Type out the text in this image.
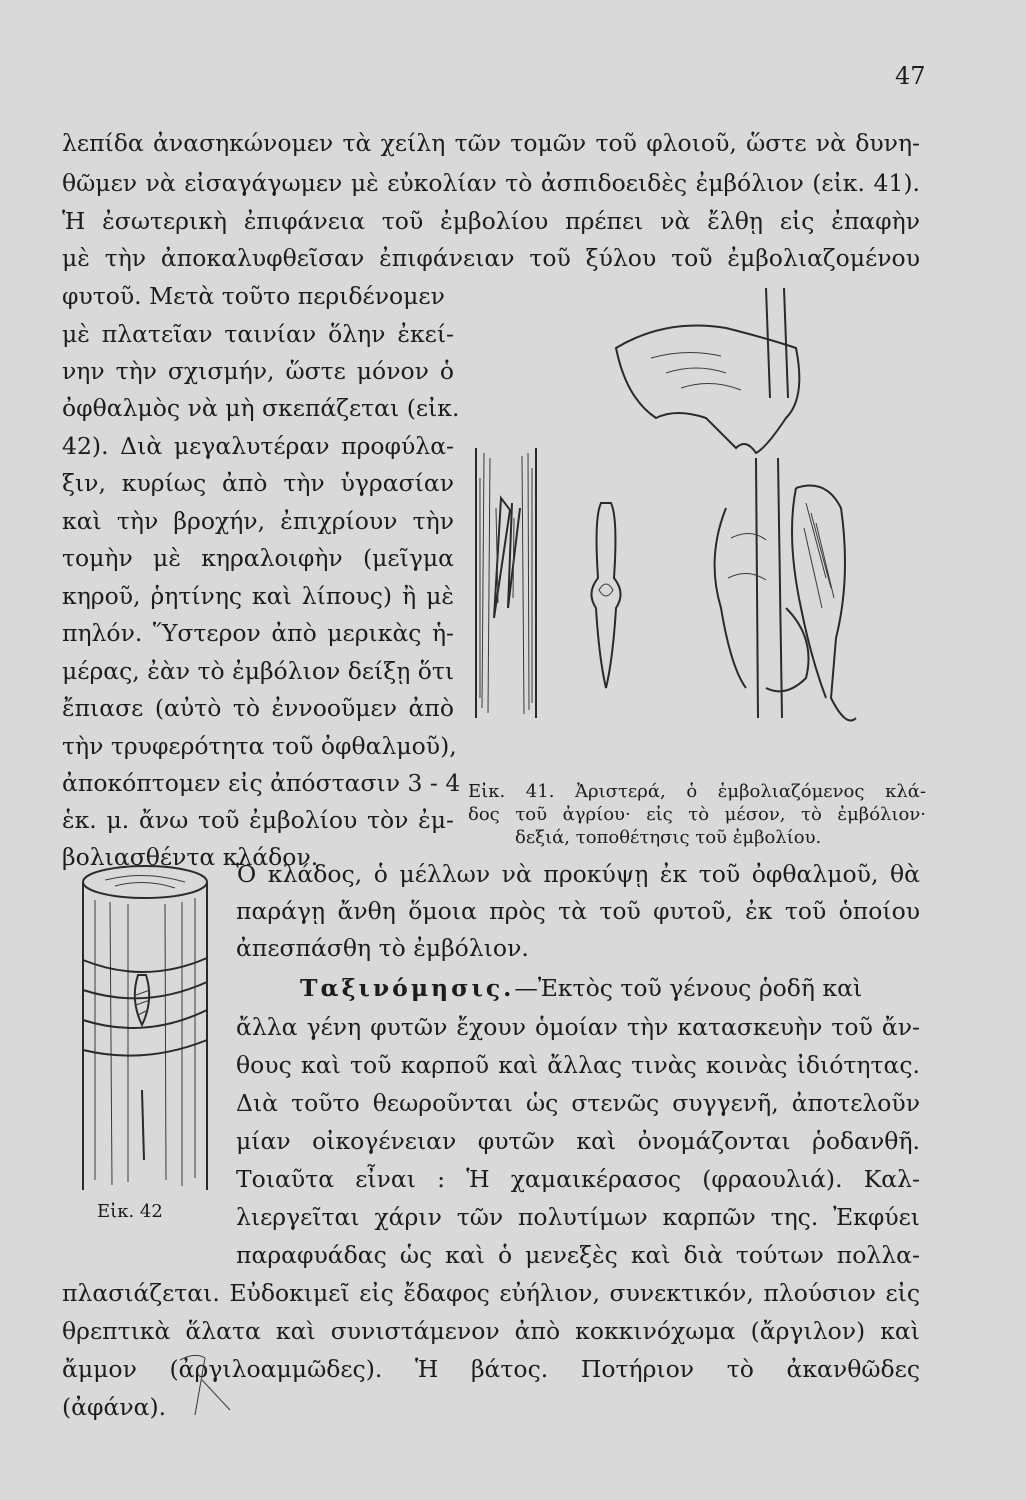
47
λεπίδα ἀνασηκώνομεν τὰ χείλη τῶν τομῶν τοῦ φλοιοῦ, ὥστε νὰ δυνη-
θῶμεν νὰ εἰσαγάγωμεν μὲ εὐκολίαν τὸ ἀσπιδοειδὲς ἐμβόλιον (εἰκ. 41).
Ἡ ἐσωτερικὴ ἐπιφάνεια τοῦ ἐμβολίου πρέπει νὰ ἔλθῃ εἰς ἐπαφὴν
μὲ τὴν ἀποκαλυφθεῖσαν ἐπιφάνειαν τοῦ ξύλου τοῦ ἐμβολιαζομένου
φυτοῦ. Μετὰ τοῦτο περιδένομεν
μὲ πλατεῖαν ταινίαν ὅλην ἐκεί-
νην τὴν σχισμήν, ὥστε μόνον ὁ
ὀφθαλμὸς νὰ μὴ σκεπάζεται (εἰκ.
42). Διὰ μεγαλυτέραν προφύλα-
ξιν, κυρίως ἀπὸ τὴν ὑγρασίαν
καὶ τὴν βροχήν, ἐπιχρίουν τὴν
τομὴν μὲ κηραλοιφὴν (μεῖγμα
κηροῦ, ῥητίνης καὶ λίπους) ἢ μὲ
πηλόν. Ὕστερον ἀπὸ μερικὰς ἡ-
μέρας, ἐὰν τὸ ἐμβόλιον δείξῃ ὅτι
ἔπιασε (αὐτὸ τὸ ἐννοοῦμεν ἀπὸ
τὴν τρυφερότητα τοῦ ὀφθαλμοῦ),
ἀποκόπτομεν εἰς ἀπόστασιν 3 - 4
ἑκ. μ. ἄνω τοῦ ἐμβολίου τὸν ἐμ-
βολιασθέντα κλάδον.
Εἰκ. 41. Ἀριστερά, ὁ ἐμβολιαζόμενος κλά-
δος τοῦ ἀγρίου· εἰς τὸ μέσον, τὸ ἐμβόλιον·
δεξιά, τοποθέτησις τοῦ ἐμβολίου.
Ὁ κλάδος, ὁ μέλλων νὰ προκύψῃ ἐκ τοῦ ὀφθαλμοῦ, θὰ
παράγῃ ἄνθη ὅμοια πρὸς τὰ τοῦ φυτοῦ, ἐκ τοῦ ὁποίου
ἀπεσπάσθη τὸ ἐμβόλιον.
Ταξινόμησις.—Ἐκτὸς τοῦ γένους ῥοδῆ καὶ
ἄλλα γένη φυτῶν ἔχουν ὁμοίαν τὴν κατασκευὴν τοῦ ἄν-
θους καὶ τοῦ καρποῦ καὶ ἄλλας τινὰς κοινὰς ἰδιότητας.
Διὰ τοῦτο θεωροῦνται ὡς στενῶς συγγενῆ, ἀποτελοῦν
μίαν οἰκογένειαν φυτῶν καὶ ὀνομάζονται ῥοδανθῆ.
Τοιαῦτα εἶναι : Ἡ χαμαικέρασος (φραουλιά). Καλ-
λιεργεῖται χάριν τῶν πολυτίμων καρπῶν της. Ἐκφύει
παραφυάδας ὡς καὶ ὁ μενεξὲς καὶ διὰ τούτων πολλα-
Εἰκ. 42
πλασιάζεται. Εὐδοκιμεῖ εἰς ἔδαφος εὐήλιον, συνεκτικόν, πλούσιον εἰς
θρεπτικὰ ἅλατα καὶ συνιστάμενον ἀπὸ κοκκινόχωμα (ἄργιλον) καὶ
ἄμμον (ἀργιλοαμμῶδες). Ἡ βάτος. Ποτήριον τὸ ἀκανθῶδες
(ἀφάνα).
